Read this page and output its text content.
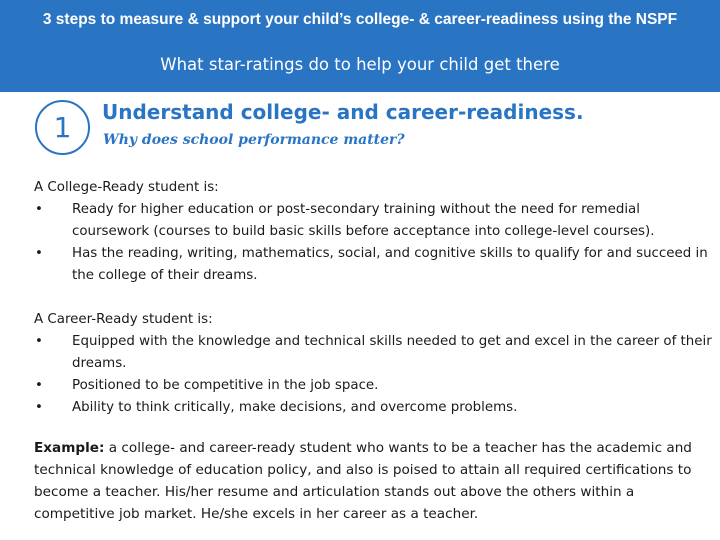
3 steps to measure & support your child’s college- & career-readiness using the NSPF
What star-ratings do to help your child get there
1	Understand college- and career-readiness.
Why does school performance matter?
A College-Ready student is:
• Ready for higher education or post-secondary training without the need for remedial coursework (courses to build basic skills before acceptance into college-level courses).
• Has the reading, writing, mathematics, social, and cognitive skills to qualify for and succeed in the college of their dreams.
A Career-Ready student is:
• Equipped with the knowledge and technical skills needed to get and excel in the career of their dreams.
• Positioned to be competitive in the job space.
• Ability to think critically, make decisions, and overcome problems.
Example: a college- and career-ready student who wants to be a teacher has the academic and technical knowledge of education policy, and also is poised to attain all required certifications to become a teacher. His/her resume and articulation stands out above the others within a competitive job market. He/she excels in her career as a teacher.
